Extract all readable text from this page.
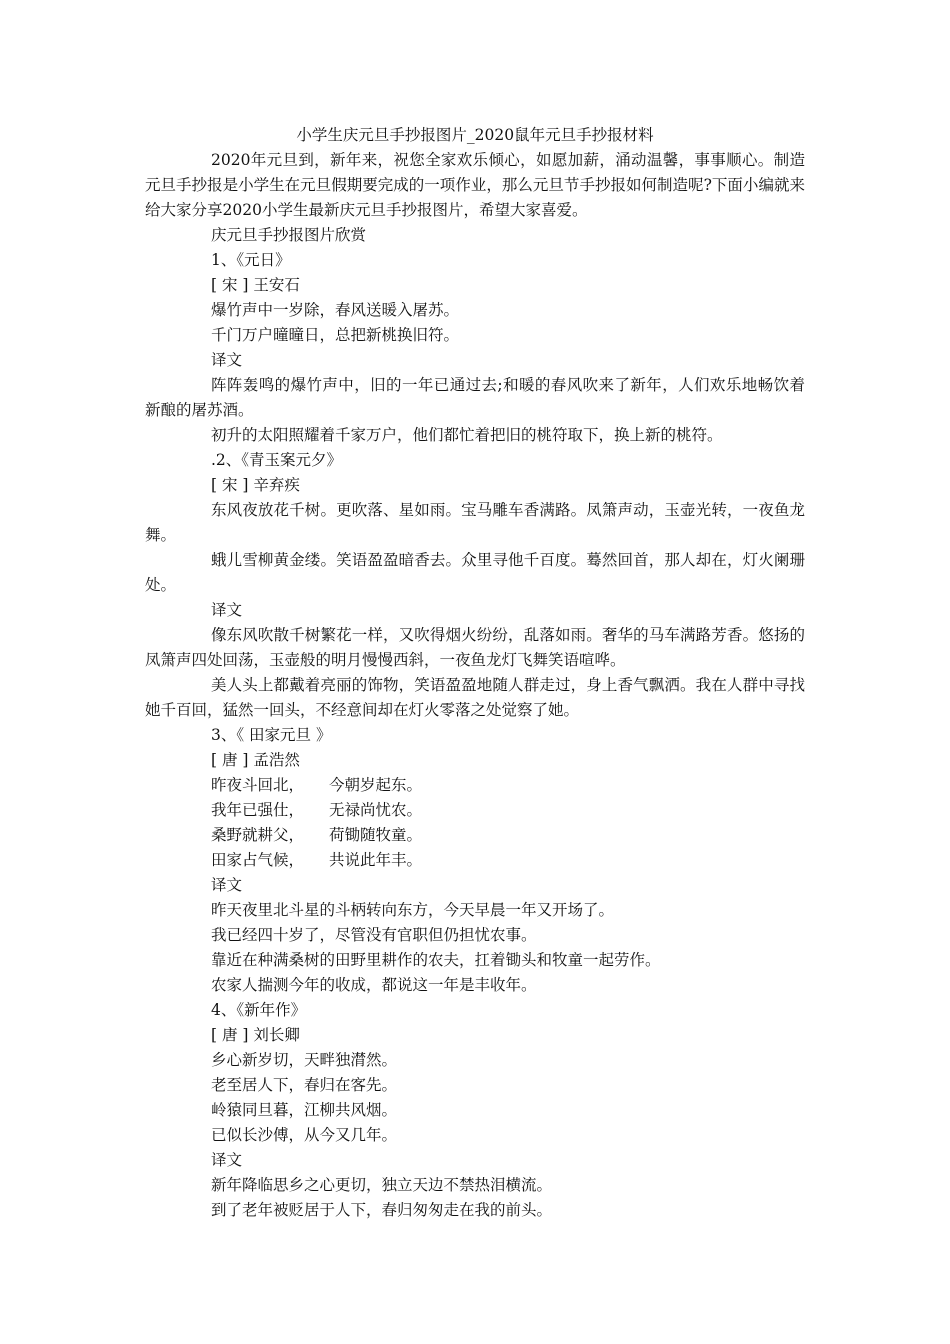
小学生庆元旦手抄报图片_2020鼠年元旦手抄报材料

2020年元旦到，新年来，祝您全家欢乐倾心，如愿加薪，涌动温馨，事事顺心。制造元旦手抄报是小学生在元旦假期要完成的一项作业，那么元旦节手抄报如何制造呢?下面小编就来给大家分享2020小学生最新庆元旦手抄报图片，希望大家喜爱。

庆元旦手抄报图片欣赏

1、《元日》

[ 宋 ] 王安石

爆竹声中一岁除，春风送暖入屠苏。

千门万户曈曈日，总把新桃换旧符。

译文

阵阵轰鸣的爆竹声中，旧的一年已通过去;和暖的春风吹来了新年，人们欢乐地畅饮着新酿的屠苏酒。

初升的太阳照耀着千家万户，他们都忙着把旧的桃符取下，换上新的桃符。

.2、《青玉案元夕》

[ 宋 ] 辛弃疾

东风夜放花千树。更吹落、星如雨。宝马雕车香满路。凤箫声动，玉壶光转，一夜鱼龙舞。

蛾儿雪柳黄金缕。笑语盈盈暗香去。众里寻他千百度。蓦然回首，那人却在，灯火阑珊处。

译文

像东风吹散千树繁花一样，又吹得烟火纷纷，乱落如雨。奢华的马车满路芳香。悠扬的凤箫声四处回荡，玉壶般的明月慢慢西斜，一夜鱼龙灯飞舞笑语喧哗。

美人头上都戴着亮丽的饰物，笑语盈盈地随人群走过，身上香气飘洒。我在人群中寻找她千百回，猛然一回头，不经意间却在灯火零落之处觉察了她。

3、《 田家元旦 》

[ 唐 ] 孟浩然

昨夜斗回北， 今朝岁起东。
我年已强仕， 无禄尚忧农。
桑野就耕父， 荷锄随牧童。
田家占气候， 共说此年丰。

译文

昨天夜里北斗星的斗柄转向东方，今天早晨一年又开场了。

我已经四十岁了，尽管没有官职但仍担忧农事。

靠近在种满桑树的田野里耕作的农夫，扛着锄头和牧童一起劳作。

农家人揣测今年的收成，都说这一年是丰收年。

4、《新年作》

[ 唐 ] 刘长卿

乡心新岁切，天畔独潸然。

老至居人下，春归在客先。

岭猿同旦暮，江柳共风烟。

已似长沙傅，从今又几年。

译文

新年降临思乡之心更切，独立天边不禁热泪横流。

到了老年被贬居于人下，春归匆匆走在我的前头。
